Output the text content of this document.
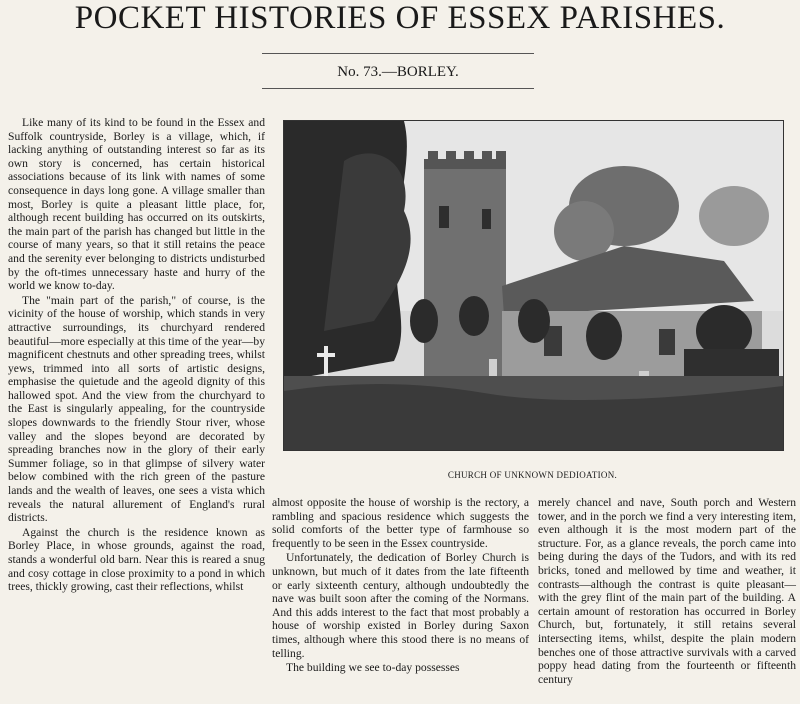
POCKET HISTORIES OF ESSEX PARISHES.
No. 73.—BORLEY.

Like many of its kind to be found in the Essex and Suffolk countryside, Borley is a village, which, if lacking anything of outstanding interest so far as its own story is concerned, has certain historical associations because of its link with names of some consequence in days long gone. A village smaller than most, Borley is quite a pleasant little place, for, although recent building has occurred on its outskirts, the main part of the parish has changed but little in the course of many years, so that it still retains the peace and the serenity ever belonging to districts undisturbed by the oft-times unnecessary haste and hurry of the world we know to-day.

The "main part of the parish," of course, is the vicinity of the house of worship, which stands in very attractive surroundings, its churchyard rendered beautiful—more especially at this time of the year—by magnificent chestnuts and other spreading trees, whilst yews, trimmed into all sorts of artistic designs, emphasise the quietude and the ageold dignity of this hallowed spot. And the view from the churchyard to the East is singularly appealing, for the countryside slopes downwards to the friendly Stour river, whose valley and the slopes beyond are decorated by spreading branches now in the glory of their early Summer foliage, so in that glimpse of silvery water below combined with the rich green of the pasture lands and the wealth of leaves, one sees a vista which reveals the natural allurement of England's rural districts.

Against the church is the residence known as Borley Place, in whose grounds, against the road, stands a wonderful old barn. Near this is reared a snug and cosy cottage in close proximity to a pond in which trees, thickly growing, cast their reflections, whilst

CHURCH OF UNKNOWN DEDIOATION.

almost opposite the house of worship is the rectory, a rambling and spacious residence which suggests the solid comforts of the better type of farmhouse so frequently to be seen in the Essex countryside.

Unfortunately, the dedication of Borley Church is unknown, but much of it dates from the late fifteenth or early sixteenth century, although undoubtedly the nave was built soon after the coming of the Normans. And this adds interest to the fact that most probably a house of worship existed in Borley during Saxon times, although where this stood there is no means of telling.

The building we see to-day possesses

merely chancel and nave, South porch and Western tower, and in the porch we find a very interesting item, even although it is the most modern part of the structure. For, as a glance reveals, the porch came into being during the days of the Tudors, and with its red bricks, toned and mellowed by time and weather, it contrasts—although the contrast is quite pleasant—with the grey flint of the main part of the building. A certain amount of restoration has occurred in Borley Church, but, fortunately, it still retains several intersecting items, whilst, despite the plain modern benches one of those attractive survivals with a carved poppy head dating from the fourteenth or fifteenth century
